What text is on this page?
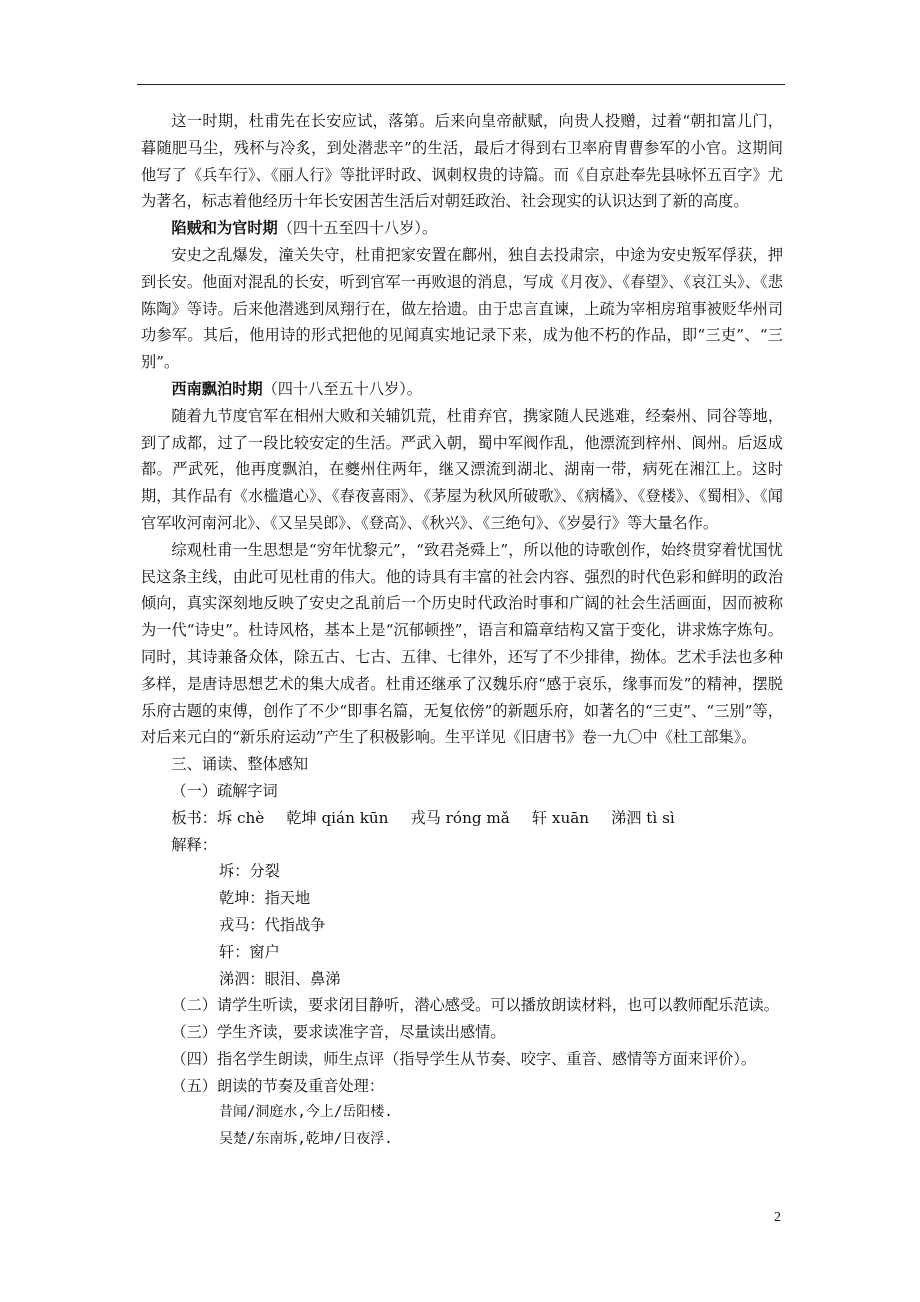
这一时期，杜甫先在长安应试，落第。后来向皇帝献赋，向贵人投赠，过着“朝扣富儿门，暮随肥马尘，残杯与冷炙，到处潜悲辛”的生活，最后才得到右卫率府胄曹参军的小官。这期间他写了《兵车行》、《丽人行》等批评时政、讽刺权贵的诗篇。而《自京赴奉先县咏怀五百字》尤为著名，标志着他经历十年长安困苦生活后对朝廷政治、社会现实的认识达到了新的高度。

陷贼和为官时期（四十五至四十八岁）。

安史之乱爆发，潼关失守，杜甫把家安置在鄜州，独自去投肃宗，中途为安史叛军俘获，押到长安。他面对混乱的长安，听到官军一再败退的消息，写成《月夜》、《春望》、《哀江头》、《悲陈陶》等诗。后来他潜逃到凤翔行在，做左拾遗。由于忠言直谏，上疏为宰相房琯事被贬华州司功参军。其后，他用诗的形式把他的见闻真实地记录下来，成为他不朽的作品，即“三吏”、“三别”。

西南飘泊时期（四十八至五十八岁）。

随着九节度官军在相州大败和关辅饥荒，杜甫弃官，携家随人民逃难，经秦州、同谷等地，到了成都，过了一段比较安定的生活。严武入朝，蜀中军阀作乱，他漂流到梓州、阆州。后返成都。严武死，他再度飘泊，在夔州住两年，继又漂流到湖北、湖南一带，病死在湘江上。这时期，其作品有《水槛遣心》、《春夜喜雨》、《茅屋为秋风所破歌》、《病橘》、《登楼》、《蜀相》、《闻官军收河南河北》、《又呈吴郎》、《登高》、《秋兴》、《三绝句》、《岁晏行》等大量名作。

综观杜甫一生思想是“穷年忧黎元”，“致君尧舜上”，所以他的诗歌创作，始终贯穿着忧国忧民这条主线，由此可见杜甫的伟大。他的诗具有丰富的社会内容、强烈的时代色彩和鲜明的政治倾向，真实深刻地反映了安史之乱前后一个历史时代政治时事和广阔的社会生活画面，因而被称为一代“诗史”。杜诗风格，基本上是“沉郁顿挫”，语言和篇章结构又富于变化，讲求炼字炼句。同时，其诗兼备众体，除五古、七古、五律、七律外，还写了不少排律，拗体。艺术手法也多种多样，是唐诗思想艺术的集大成者。杜甫还继承了汉魏乐府“感于哀乐，缘事而发”的精神，摆脱乐府古题的束傅，创作了不少“即事名篇，无复依傍”的新题乐府，如著名的“三吏”、“三别”等，对后来元白的“新乐府运动”产生了积极影响。生平详见《旧唐书》卷一九〇中《杜工部集》。

三、诵读、整体感知

（一）疏解字词

板书：坼 chè 乾坤 qián kūn 戎马 róng mǎ 轩 xuān 涕泗 tì sì

解释：

坼：分裂

乾坤：指天地

戎马：代指战争

轩：窗户

涕泗：眼泪、鼻涕

（二）请学生听读，要求闭目静听，潜心感受。可以播放朗读材料，也可以教师配乐范读。

（三）学生齐读，要求读准字音，尽量读出感情。

（四）指名学生朗读，师生点评（指导学生从节奏、咬字、重音、感情等方面来评价）。

（五）朗读的节奏及重音处理：

昔闻/洞庭水,今上/岳阳楼.

吴楚/东南坼,乾坤/日夜浮.

2
